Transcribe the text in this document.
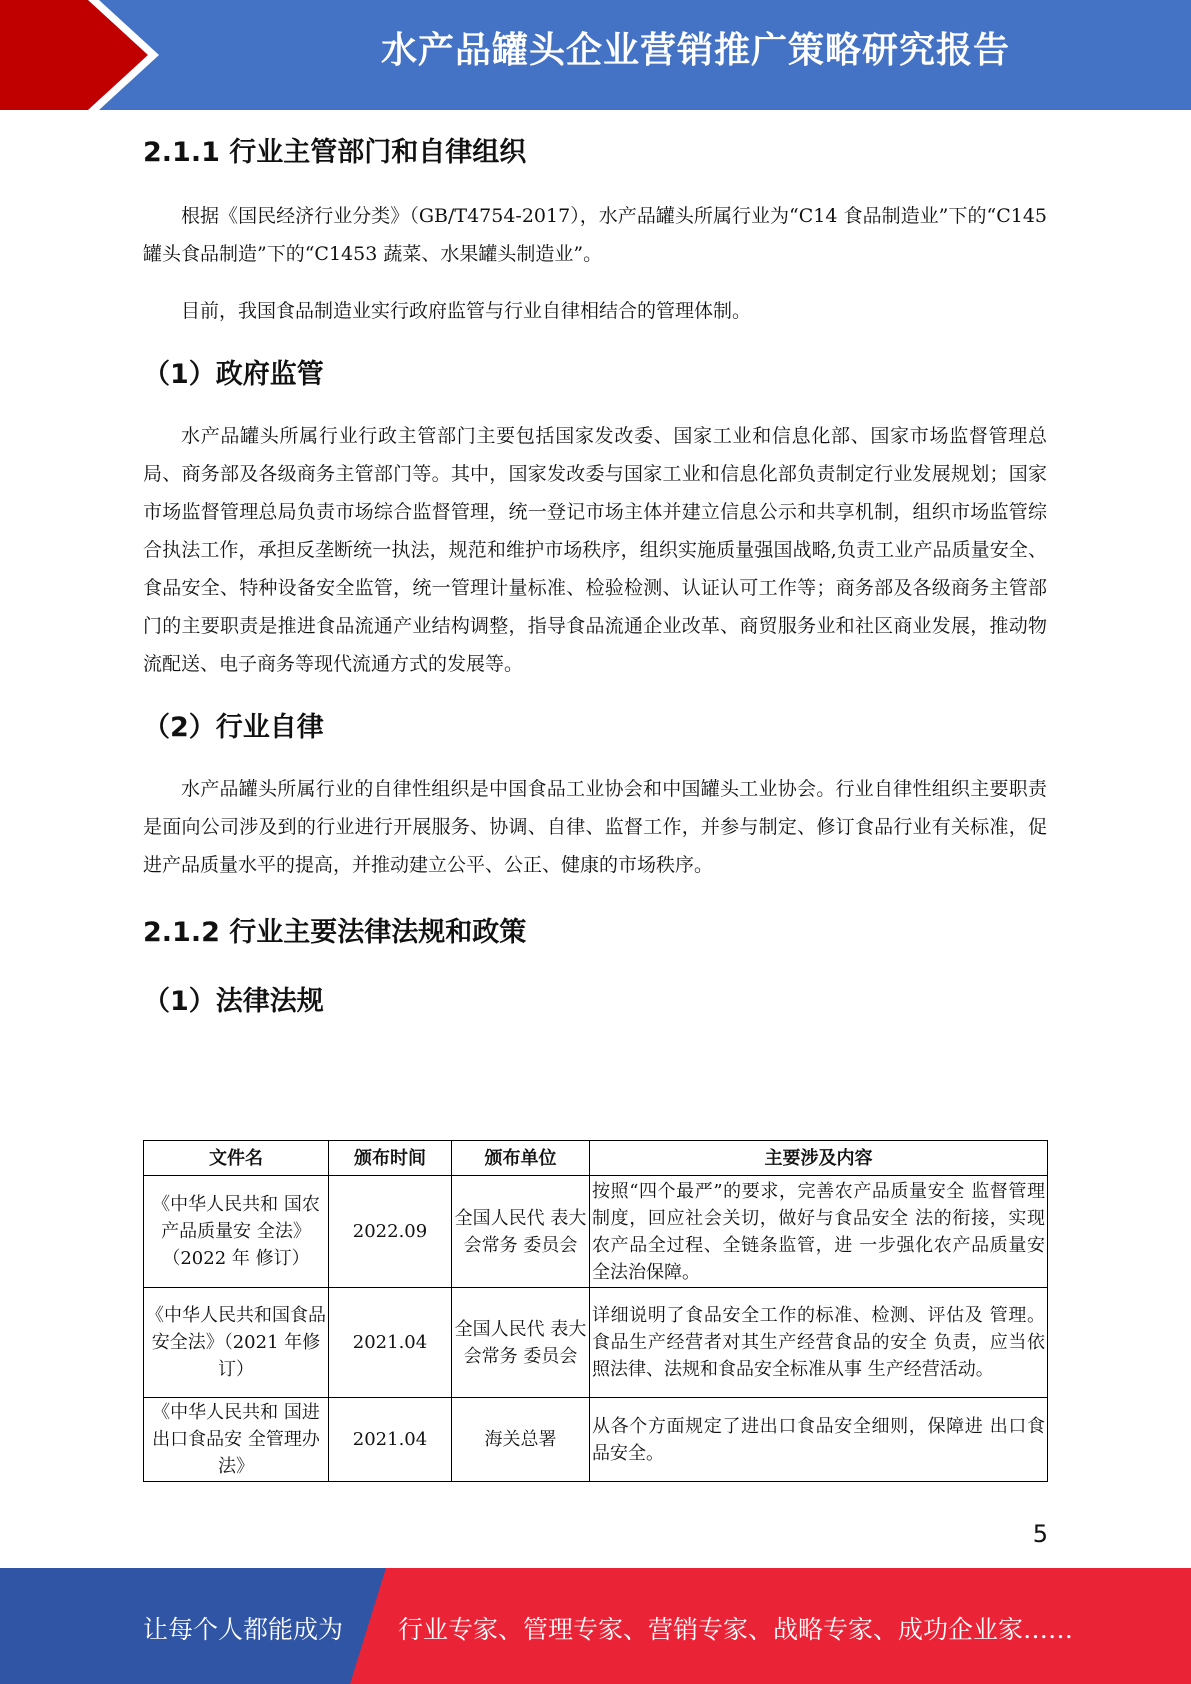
水产品罐头企业营销推广策略研究报告
2.1.1 行业主管部门和自律组织

根据《国民经济行业分类》（GB/T4754-2017），水产品罐头所属行业为“C14 食品制造业”下的“C145 罐头食品制造”下的“C1453 蔬菜、水果罐头制造业”。

目前，我国食品制造业实行政府监管与行业自律相结合的管理体制。

（1）政府监管

水产品罐头所属行业行政主管部门主要包括国家发改委、国家工业和信息化部、国家市场监督管理总局、商务部及各级商务主管部门等。其中，国家发改委与国家工业和信息化部负责制定行业发展规划；国家市场监督管理总局负责市场综合监督管理，统一登记市场主体并建立信息公示和共享机制，组织市场监管综合执法工作，承担反垄断统一执法，规范和维护市场秩序，组织实施质量强国战略,负责工业产品质量安全、食品安全、特种设备安全监管，统一管理计量标准、检验检测、认证认可工作等；商务部及各级商务主管部门的主要职责是推进食品流通产业结构调整，指导食品流通企业改革、商贸服务业和社区商业发展，推动物流配送、电子商务等现代流通方式的发展等。

（2）行业自律

水产品罐头所属行业的自律性组织是中国食品工业协会和中国罐头工业协会。行业自律性组织主要职责是面向公司涉及到的行业进行开展服务、协调、自律、监督工作，并参与制定、修订食品行业有关标准，促进产品质量水平的提高，并推动建立公平、公正、健康的市场秩序。

2.1.2 行业主要法律法规和政策
（1）法律法规
文件名	颁布时间	颁布单位	主要涉及内容
《中华人民共和 国农产品质量安 全法》（2022 年 修订）	2022.09	全国人民代 表大会常务 委员会	按照“四个最严”的要求，完善农产品质量安全 监督管理制度，回应社会关切，做好与食品安全 法的衔接，实现农产品全过程、全链条监管，进 一步强化农产品质量安全法治保障。
《中华人民共和国食品安全法》（2021 年修订）	2021.04	全国人民代 表大会常务 委员会	详细说明了食品安全工作的标准、检测、评估及 管理。食品生产经营者对其生产经营食品的安全 负责，应当依照法律、法规和食品安全标准从事 生产经营活动。
《中华人民共和 国进出口食品安 全管理办法》	2021.04	海关总署	从各个方面规定了进出口食品安全细则，保障进 出口食品安全。
5
让每个人都能成为 行业专家、管理专家、营销专家、战略专家、成功企业家……
